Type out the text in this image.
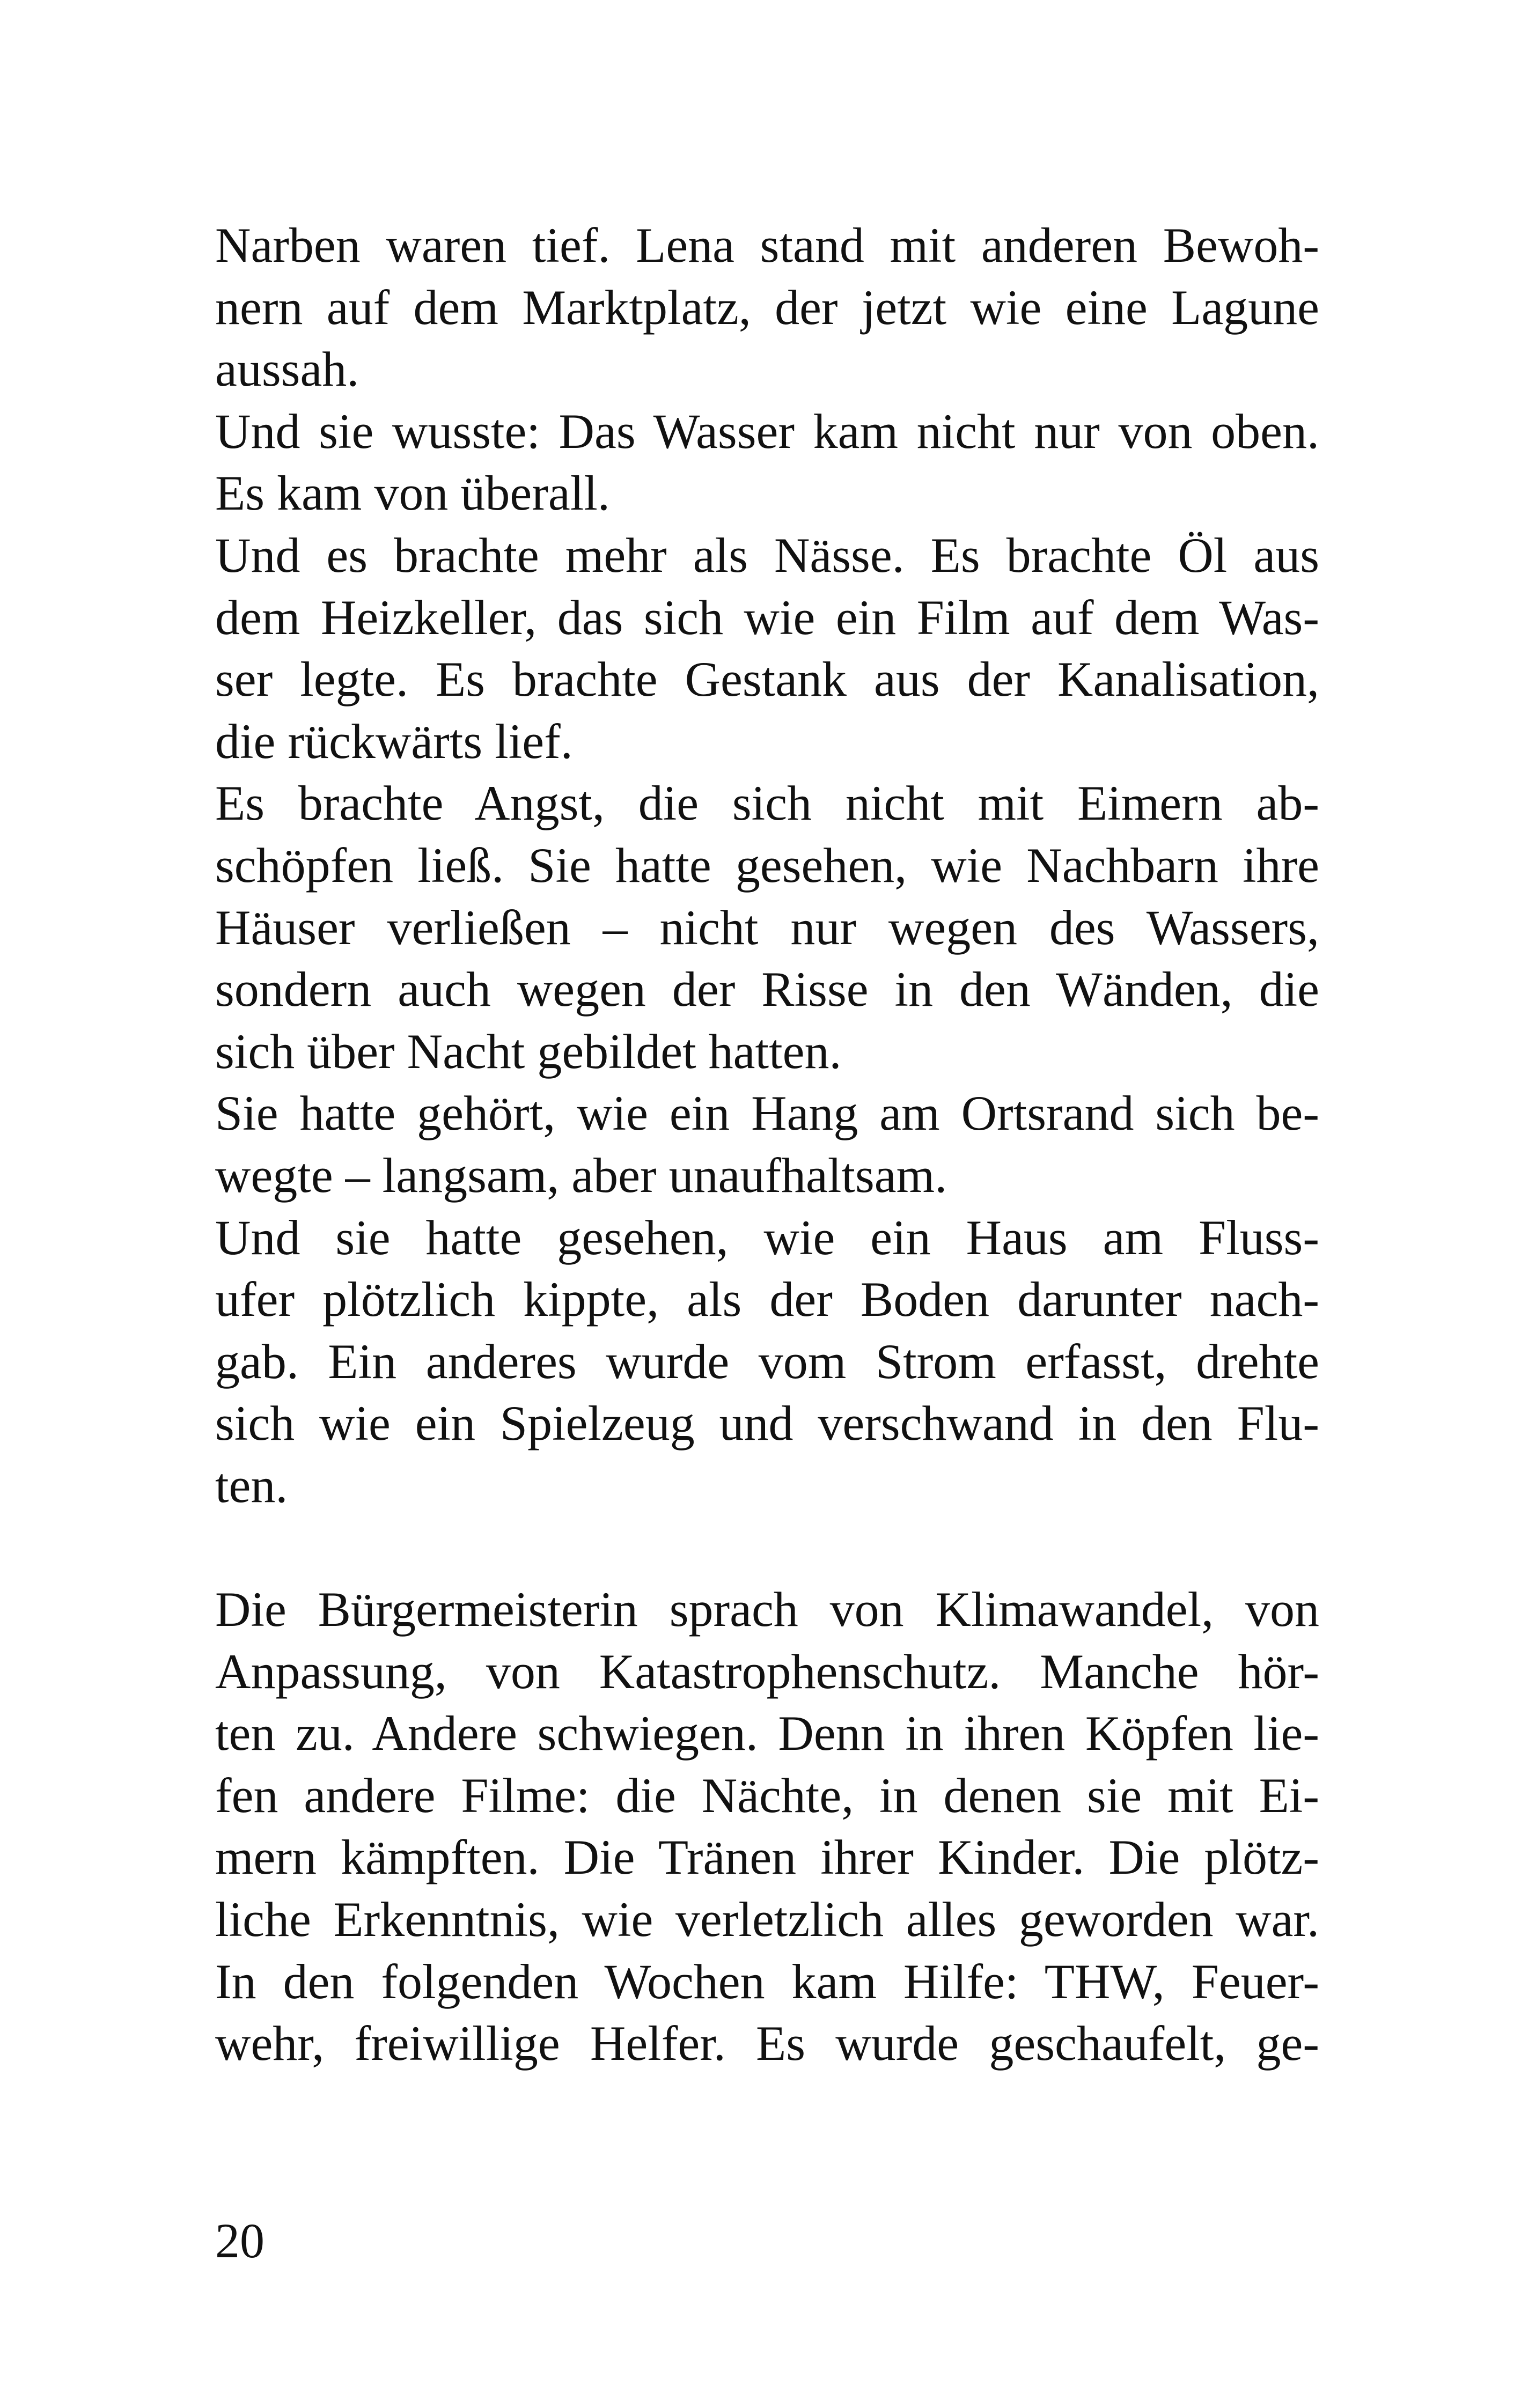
Narben waren tief. Lena stand mit anderen Bewoh-
nern auf dem Marktplatz, der jetzt wie eine Lagune
aussah.
Und sie wusste: Das Wasser kam nicht nur von oben.
Es kam von überall.
Und es brachte mehr als Nässe. Es brachte Öl aus
dem Heizkeller, das sich wie ein Film auf dem Was-
ser legte. Es brachte Gestank aus der Kanalisation,
die rückwärts lief.
Es brachte Angst, die sich nicht mit Eimern ab-
schöpfen ließ. Sie hatte gesehen, wie Nachbarn ihre
Häuser verließen – nicht nur wegen des Wassers,
sondern auch wegen der Risse in den Wänden, die
sich über Nacht gebildet hatten.
Sie hatte gehört, wie ein Hang am Ortsrand sich be-
wegte – langsam, aber unaufhaltsam.
Und sie hatte gesehen, wie ein Haus am Fluss-
ufer plötzlich kippte, als der Boden darunter nach-
gab. Ein anderes wurde vom Strom erfasst, drehte
sich wie ein Spielzeug und verschwand in den Flu-
ten.
Die Bürgermeisterin sprach von Klimawandel, von
Anpassung, von Katastrophenschutz. Manche hör-
ten zu. Andere schwiegen. Denn in ihren Köpfen lie-
fen andere Filme: die Nächte, in denen sie mit Ei-
mern kämpften. Die Tränen ihrer Kinder. Die plötz-
liche Erkenntnis, wie verletzlich alles geworden war.
In den folgenden Wochen kam Hilfe: THW, Feuer-
wehr, freiwillige Helfer. Es wurde geschaufelt, ge-
20
